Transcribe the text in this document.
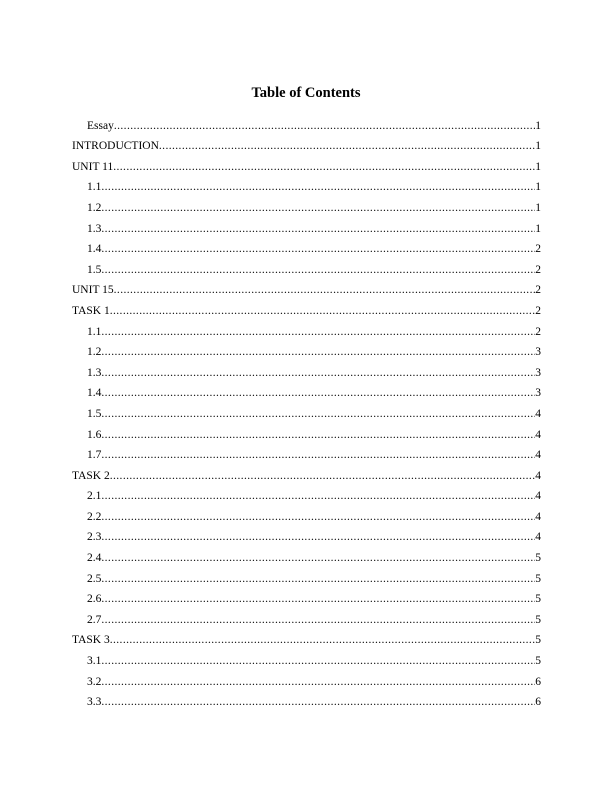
Table of Contents
Essay .....	1
INTRODUCTION .....	1
UNIT 11 .....	1
1.1 .....	1
1.2 .....	1
1.3 .....	1
1.4 .....	2
1.5 .....	2
UNIT 15 .....	2
TASK 1 .....	2
1.1 .....	2
1.2 .....	3
1.3 .....	3
1.4 .....	3
1.5 .....	4
1.6 .....	4
1.7 .....	4
TASK 2 .....	4
2.1 .....	4
2.2 .....	4
2.3 .....	4
2.4 .....	5
2.5 .....	5
2.6 .....	5
2.7 .....	5
TASK 3 .....	5
3.1 .....	5
3.2 .....	6
3.3 .....	6
